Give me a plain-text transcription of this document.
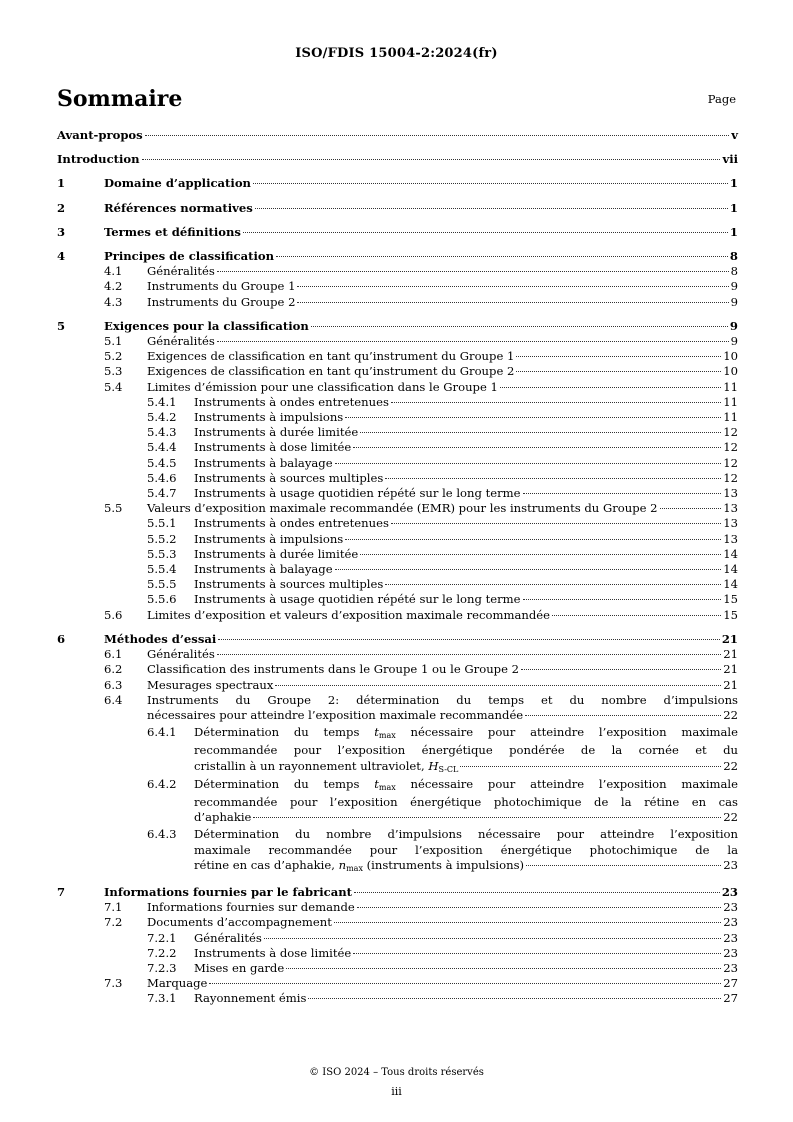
ISO/FDIS 15004-2:2024(fr)
Sommaire	Page
Avant-propos	v
Introduction	vii
1	Domaine d’application	1
2	Références normatives	1
3	Termes et définitions	1
4	Principes de classification	8
4.1	Généralités	8
4.2	Instruments du Groupe 1	9
4.3	Instruments du Groupe 2	9
5	Exigences pour la classification	9
5.1	Généralités	9
5.2	Exigences de classification en tant qu’instrument du Groupe 1	10
5.3	Exigences de classification en tant qu’instrument du Groupe 2	10
5.4	Limites d’émission pour une classification dans le Groupe 1	11
5.4.1	Instruments à ondes entretenues	11
5.4.2	Instruments à impulsions	11
5.4.3	Instruments à durée limitée	12
5.4.4	Instruments à dose limitée	12
5.4.5	Instruments à balayage	12
5.4.6	Instruments à sources multiples	12
5.4.7	Instruments à usage quotidien répété sur le long terme	13
5.5	Valeurs d’exposition maximale recommandée (EMR) pour les instruments du Groupe 2	13
5.5.1	Instruments à ondes entretenues	13
5.5.2	Instruments à impulsions	13
5.5.3	Instruments à durée limitée	14
5.5.4	Instruments à balayage	14
5.5.5	Instruments à sources multiples	14
5.5.6	Instruments à usage quotidien répété sur le long terme	15
5.6	Limites d’exposition et valeurs d’exposition maximale recommandée	15
6	Méthodes d’essai	21
6.1	Généralités	21
6.2	Classification des instruments dans le Groupe 1 ou le Groupe 2	21
6.3	Mesurages spectraux	21
6.4	Instruments du Groupe 2: détermination du temps et du nombre d’impulsions
nécessaires pour atteindre l’exposition maximale recommandée	22
6.4.1	Détermination du temps $t_{max}$ nécessaire pour atteindre l’exposition maximale
recommandée pour l’exposition énergétique pondérée de la cornée et du
cristallin à un rayonnement ultraviolet, $H_{S-CL}$	22
6.4.2	Détermination du temps $t_{max}$ nécessaire pour atteindre l’exposition maximale
recommandée pour l’exposition énergétique photochimique de la rétine en cas
d’aphakie	22
6.4.3	Détermination du nombre d’impulsions nécessaire pour atteindre l’exposition
maximale recommandée pour l’exposition énergétique photochimique de la
rétine en cas d’aphakie, $n_{max}$ (instruments à impulsions)	23
7	Informations fournies par le fabricant	23
7.1	Informations fournies sur demande	23
7.2	Documents d’accompagnement	23
7.2.1	Généralités	23
7.2.2	Instruments à dose limitée	23
7.2.3	Mises en garde	23
7.3	Marquage	27
7.3.1	Rayonnement émis	27
© ISO 2024 – Tous droits réservés
iii
